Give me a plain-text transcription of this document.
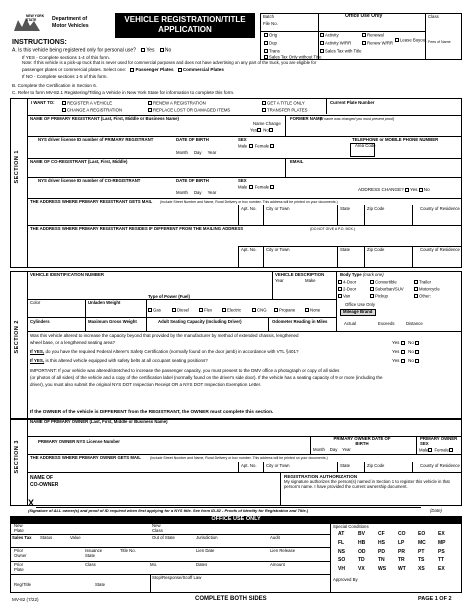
NEW YORK
STATE	Department of
Motor Vehicles
VEHICLE REGISTRATION/TITLE
APPLICATION
Batch
File No.
Office Use Only	Class
Fees of Name
Orig	Activity	Renewal
Lease Buyout
Dup	Activity W/RR	Renew W/RR
Trans	Sales Tax with Title
Sales Tax Only without Title
INSTRUCTIONS:
A. Is this vehicle being registered only for personal use? Yes No
If YES - Complete sections 1-4 of this form.
Note: If this vehicle is a pick-up truck that is never used for commercial purposes and does not have advertising on any part of the truck, you are eligible for
passenger plates or commercial plates. Select one: Passenger Plates Commercial Plates
If NO - Complete sections 1-5 of this form.
B. Complete the Certification in Section 6.
C. Refer to form MV-82.1 Registering/Titling a Vehicle in New York State for information to complete this form.
SECTION 1
I WANT TO:	REGISTER A VEHICLE	RENEW A REGISTRATION	GET A TITLE ONLY
CHANGE A REGISTRATION	REPLACE LOST OR DAMAGED ITEMS	TRANSFER PLATES
Current Plate Number
NAME OF PRIMARY REGISTRANT (Last, First, Middle or Business Name)	FORMER NAME
(If name was changed you must present proof)
Name Change
Yes No
NYS driver license ID number of PRIMARY REGISTRANT	DATE OF BIRTH
Month Day Year
SEX
Male Female
TELEPHONE or MOBILE PHONE NUMBER
Area Code
NAME OF CO-REGISTRANT (Last, First, Middle)	EMAIL
NYS driver license ID number of CO-REGISTRANT	DATE OF BIRTH
Month Day Year
SEX
Male Female	ADDRESS CHANGE? Yes No
THE ADDRESS WHERE PRIMARY REGISTRANT GETS MAIL (Include Street Number and Name, Rural Delivery or box number. This address will be printed on your documents.)
Apt. No. City or Town	State	Zip Code	County of Residence
THE ADDRESS WHERE PRIMARY REGISTRANT RESIDES IF DIFFERENT FROM THE MAILING ADDRESS	(DO NOT GIVE A P.O. BOX.)
Apt. No. City or Town	State	Zip Code	County of Residence
SECTION 2
VEHICLE IDENTIFICATION NUMBER	VEHICLE DESCRIPTION
Year	Make
Body Type (mark one)
4-Door	Convertible	Trailer
2-Door	Suburban/SUV	Motorcycle
Van	Pickup	Other:
Type of Power (Fuel)
Color	Unladen Weight
Gas	Diesel	Flex	Electric	CNG	Propane	None
Office Use Only
Mileage Brand
Cylinders	Maximum Gross Weight	Adult Seating Capacity (Including Driver)	Odometer Reading in Miles	Actual	Exceeds	Distance
Was this vehicle altered to increase the capacity beyond that provided by the manufacturer by method of extended chassis, lengthened
wheel base, or a lengthened seating area?	Yes No
If YES, do you have the required Federal Alterer's Safety Certification (normally found on the door jamb) in accordance with VTL §401?	Yes No
If YES, is this altered vehicle equipped with safety belts at all occupant seating positions?	Yes No
IMPORTANT: If your vehicle was altered/stretched to increase the passenger capacity, you must present to the DMV office a photograph or copy of all sides
(or photos of all sides) of the vehicle and a copy of the certification label (normally found on the driver's side door). If the vehicle has a seating capacity of 9 or more (including the
driver), you must also submit the original NYS DOT Inspection Receipt OR a NYS DOT Inspection Exemption Letter.
If the OWNER of the vehicle is DIFFERENT from the REGISTRANT, the OWNER must complete this section.
SECTION 3
NAME OF PRIMARY OWNER (Last, First, Middle or Business Name)
PRIMARY OWNER NYS License Number
PRIMARY OWNER DATE OF BIRTH
PRIMARY OWNER SEX
Month Day Year	Male Female
THE ADDRESS WHERE PRIMARY OWNER GETS MAIL	(Include Street Number and Name, Rural Delivery or box number. This address will be printed on your documents.)
Apt. No. City or Town	State	Zip Code	County of Residence
NAME OF
CO-OWNER
REGISTRATION AUTHORIZATION
My signature authorizes the person(s) named in Section 1 to register this vehicle in that person's name. I have provided the current ownership document.
X
(Signature of ALL owner(s) and proof of ID required when first applying for a NYS title. See form ID-82 - Proofs of Identity for Registration and Title.)	(Date)
OFFICE USE ONLY
New Plate
New Class
Sales Tax Status	Value	Out of State	Jurisdiction	Audit
Prior Owner
Issuance State
Title No.	Lien Date	Lien Release
Prior Plate
Class	Mo.	Dates	Amount
Reg/Title	State
Stop/Response/Scoff Law
Special Conditions
AT	BV	CF	CO	EO	EX
FL	HB	HS	LP	MC	MP
NS	OD	PD	PR	PT	PS
SO	TD	TN	TR	TS	TT
VH	VX	WS	WT	XS	EX
Approved By
MV-82 (7/22)	COMPLETE BOTH SIDES	PAGE 1 OF 2
